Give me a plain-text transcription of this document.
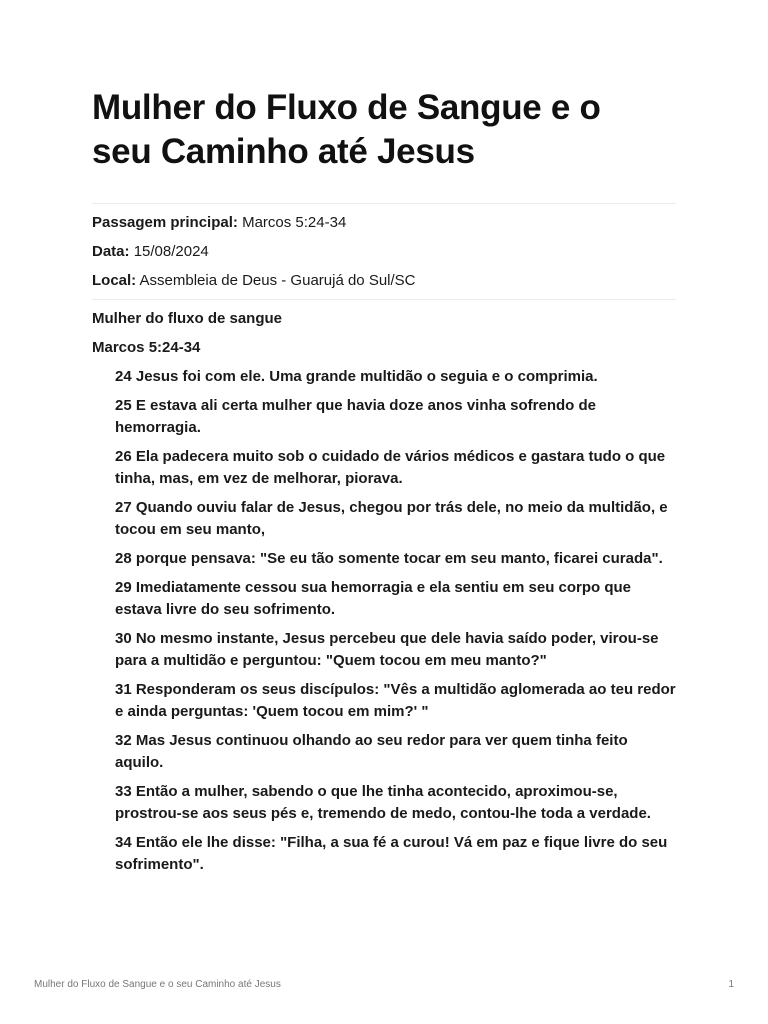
Mulher do Fluxo de Sangue e o
seu Caminho até Jesus

Passagem principal: Marcos 5:24-34

Data: 15/08/2024

Local: Assembleia de Deus - Guarujá do Sul/SC

Mulher do fluxo de sangue

Marcos 5:24-34

24 Jesus foi com ele. Uma grande multidão o seguia e o comprimia.
25 E estava ali certa mulher que havia doze anos vinha sofrendo de hemorragia.
26 Ela padecera muito sob o cuidado de vários médicos e gastara tudo o que tinha, mas, em vez de melhorar, piorava.
27 Quando ouviu falar de Jesus, chegou por trás dele, no meio da multidão, e tocou em seu manto,
28 porque pensava: "Se eu tão somente tocar em seu manto, ficarei curada".
29 Imediatamente cessou sua hemorragia e ela sentiu em seu corpo que estava livre do seu sofrimento.
30 No mesmo instante, Jesus percebeu que dele havia saído poder, virou-se para a multidão e perguntou: "Quem tocou em meu manto?"
31 Responderam os seus discípulos: "Vês a multidão aglomerada ao teu redor e ainda perguntas: 'Quem tocou em mim?' "
32 Mas Jesus continuou olhando ao seu redor para ver quem tinha feito aquilo.
33 Então a mulher, sabendo o que lhe tinha acontecido, aproximou-se, prostrou-se aos seus pés e, tremendo de medo, contou-lhe toda a verdade.
34 Então ele lhe disse: "Filha, a sua fé a curou! Vá em paz e fique livre do seu sofrimento".
Mulher do Fluxo de Sangue e o seu Caminho até Jesus	1
